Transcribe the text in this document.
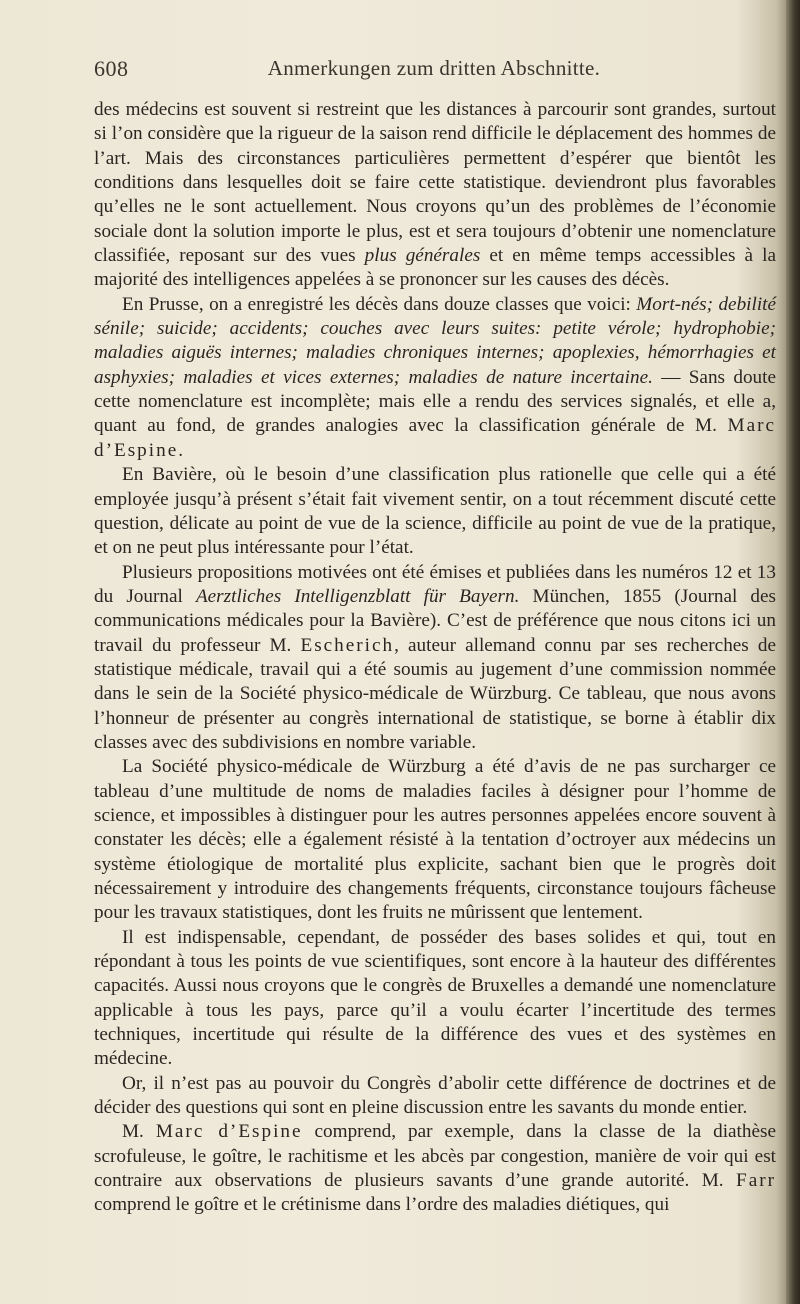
608	Anmerkungen zum dritten Abschnitte.

des médecins est souvent si restreint que les distances à parcourir sont grandes, surtout si l’on considère que la rigueur de la saison rend difficile le déplacement des hommes de l’art. Mais des circonstances particulières permettent d’espérer que bientôt les conditions dans lesquelles doit se faire cette statistique. deviendront plus favorables qu’elles ne le sont actuellement. Nous croyons qu’un des problèmes de l’économie sociale dont la solution importe le plus, est et sera toujours d’obtenir une nomenclature classifiée, reposant sur des vues plus générales et en même temps accessibles à la majorité des intelligences appelées à se prononcer sur les causes des décès.

En Prusse, on a enregistré les décès dans douze classes que voici: Mort-nés; debilité sénile; suicide; accidents; couches avec leurs suites: petite vérole; hydrophobie; maladies aiguës internes; maladies chroniques internes; apoplexies, hémorrhagies et asphyxies; maladies et vices externes; maladies de nature incertaine. — Sans doute cette nomenclature est incomplète; mais elle a rendu des services signalés, et elle a, quant au fond, de grandes analogies avec la classification générale de M. Marc d’Espine.

En Bavière, où le besoin d’une classification plus rationelle que celle qui a été employée jusqu’à présent s’était fait vivement sentir, on a tout récemment discuté cette question, délicate au point de vue de la science, difficile au point de vue de la pratique, et on ne peut plus intéressante pour l’état.

Plusieurs propositions motivées ont été émises et publiées dans les numéros 12 et 13 du Journal Aerztliches Intelligenzblatt für Bayern. München, 1855 (Journal des communications médicales pour la Bavière). C’est de préférence que nous citons ici un travail du professeur M. Escherich, auteur allemand connu par ses recherches de statistique médicale, travail qui a été soumis au jugement d’une commission nommée dans le sein de la Société physico-médicale de Würzburg. Ce tableau, que nous avons l’honneur de présenter au congrès international de statistique, se borne à établir dix classes avec des subdivisions en nombre variable.

La Société physico-médicale de Würzburg a été d’avis de ne pas surcharger ce tableau d’une multitude de noms de maladies faciles à désigner pour l’homme de science, et impossibles à distinguer pour les autres personnes appelées encore souvent à constater les décès; elle a également résisté à la tentation d’octroyer aux médecins un système étiologique de mortalité plus explicite, sachant bien que le progrès doit nécessairement y introduire des changements fréquents, circonstance toujours fâcheuse pour les travaux statistiques, dont les fruits ne mûrissent que lentement.

Il est indispensable, cependant, de posséder des bases solides et qui, tout en répondant à tous les points de vue scientifiques, sont encore à la hauteur des différentes capacités. Aussi nous croyons que le congrès de Bruxelles a demandé une nomenclature applicable à tous les pays, parce qu’il a voulu écarter l’incertitude des termes techniques, incertitude qui résulte de la différence des vues et des systèmes en médecine.

Or, il n’est pas au pouvoir du Congrès d’abolir cette différence de doctrines et de décider des questions qui sont en pleine discussion entre les savants du monde entier.

M. Marc d’Espine comprend, par exemple, dans la classe de la diathèse scrofuleuse, le goître, le rachitisme et les abcès par congestion, manière de voir qui est contraire aux observations de plusieurs savants d’une grande autorité. M. Farr comprend le goître et le crétinisme dans l’ordre des maladies diétiques, qui
